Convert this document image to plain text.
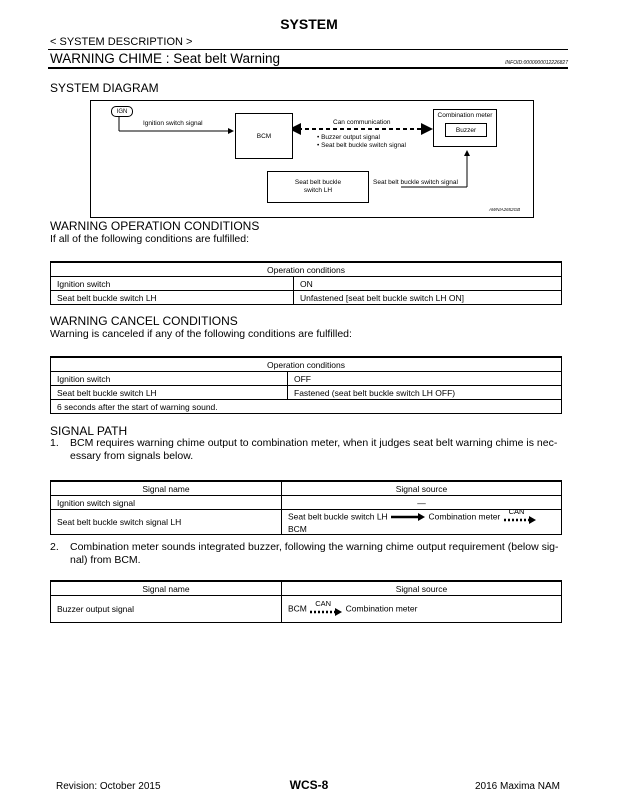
SYSTEM
< SYSTEM DESCRIPTION >
WARNING CHIME : Seat belt Warning	INFOID:0000000012226827
SYSTEM DIAGRAM
IGN
Ignition switch signal
BCM
Can communication
• Buzzer output signal
• Seat belt buckle switch signal
Combination meter
Buzzer
Seat belt buckle switch LH
Seat belt buckle switch signal
AWNIA2652GB
WARNING OPERATION CONDITIONS
If all of the following conditions are fulfilled:
Operation conditions	
Ignition switch	ON
Seat belt buckle switch LH	Unfastened [seat belt buckle switch LH ON]
WARNING CANCEL CONDITIONS
Warning is canceled if any of the following conditions are fulfilled:
Operation conditions	
Ignition switch	OFF
Seat belt buckle switch LH	Fastened (seat belt buckle switch LH OFF)
6 seconds after the start of warning sound.	
SIGNAL PATH
1. BCM requires warning chime output to combination meter, when it judges seat belt warning chime is nec-
essary from signals below.
Signal name	Signal source
Ignition switch signal	—
Seat belt buckle switch signal LH	Seat belt buckle switch LH Combination meter CAN
BCM
2. Combination meter sounds integrated buzzer, following the warning chime output requirement (below sig-
nal) from BCM.
Signal name	Signal source
Buzzer output signal	BCM CAN Combination meter
Revision: October 2015	WCS-8	2016 Maxima NAM
